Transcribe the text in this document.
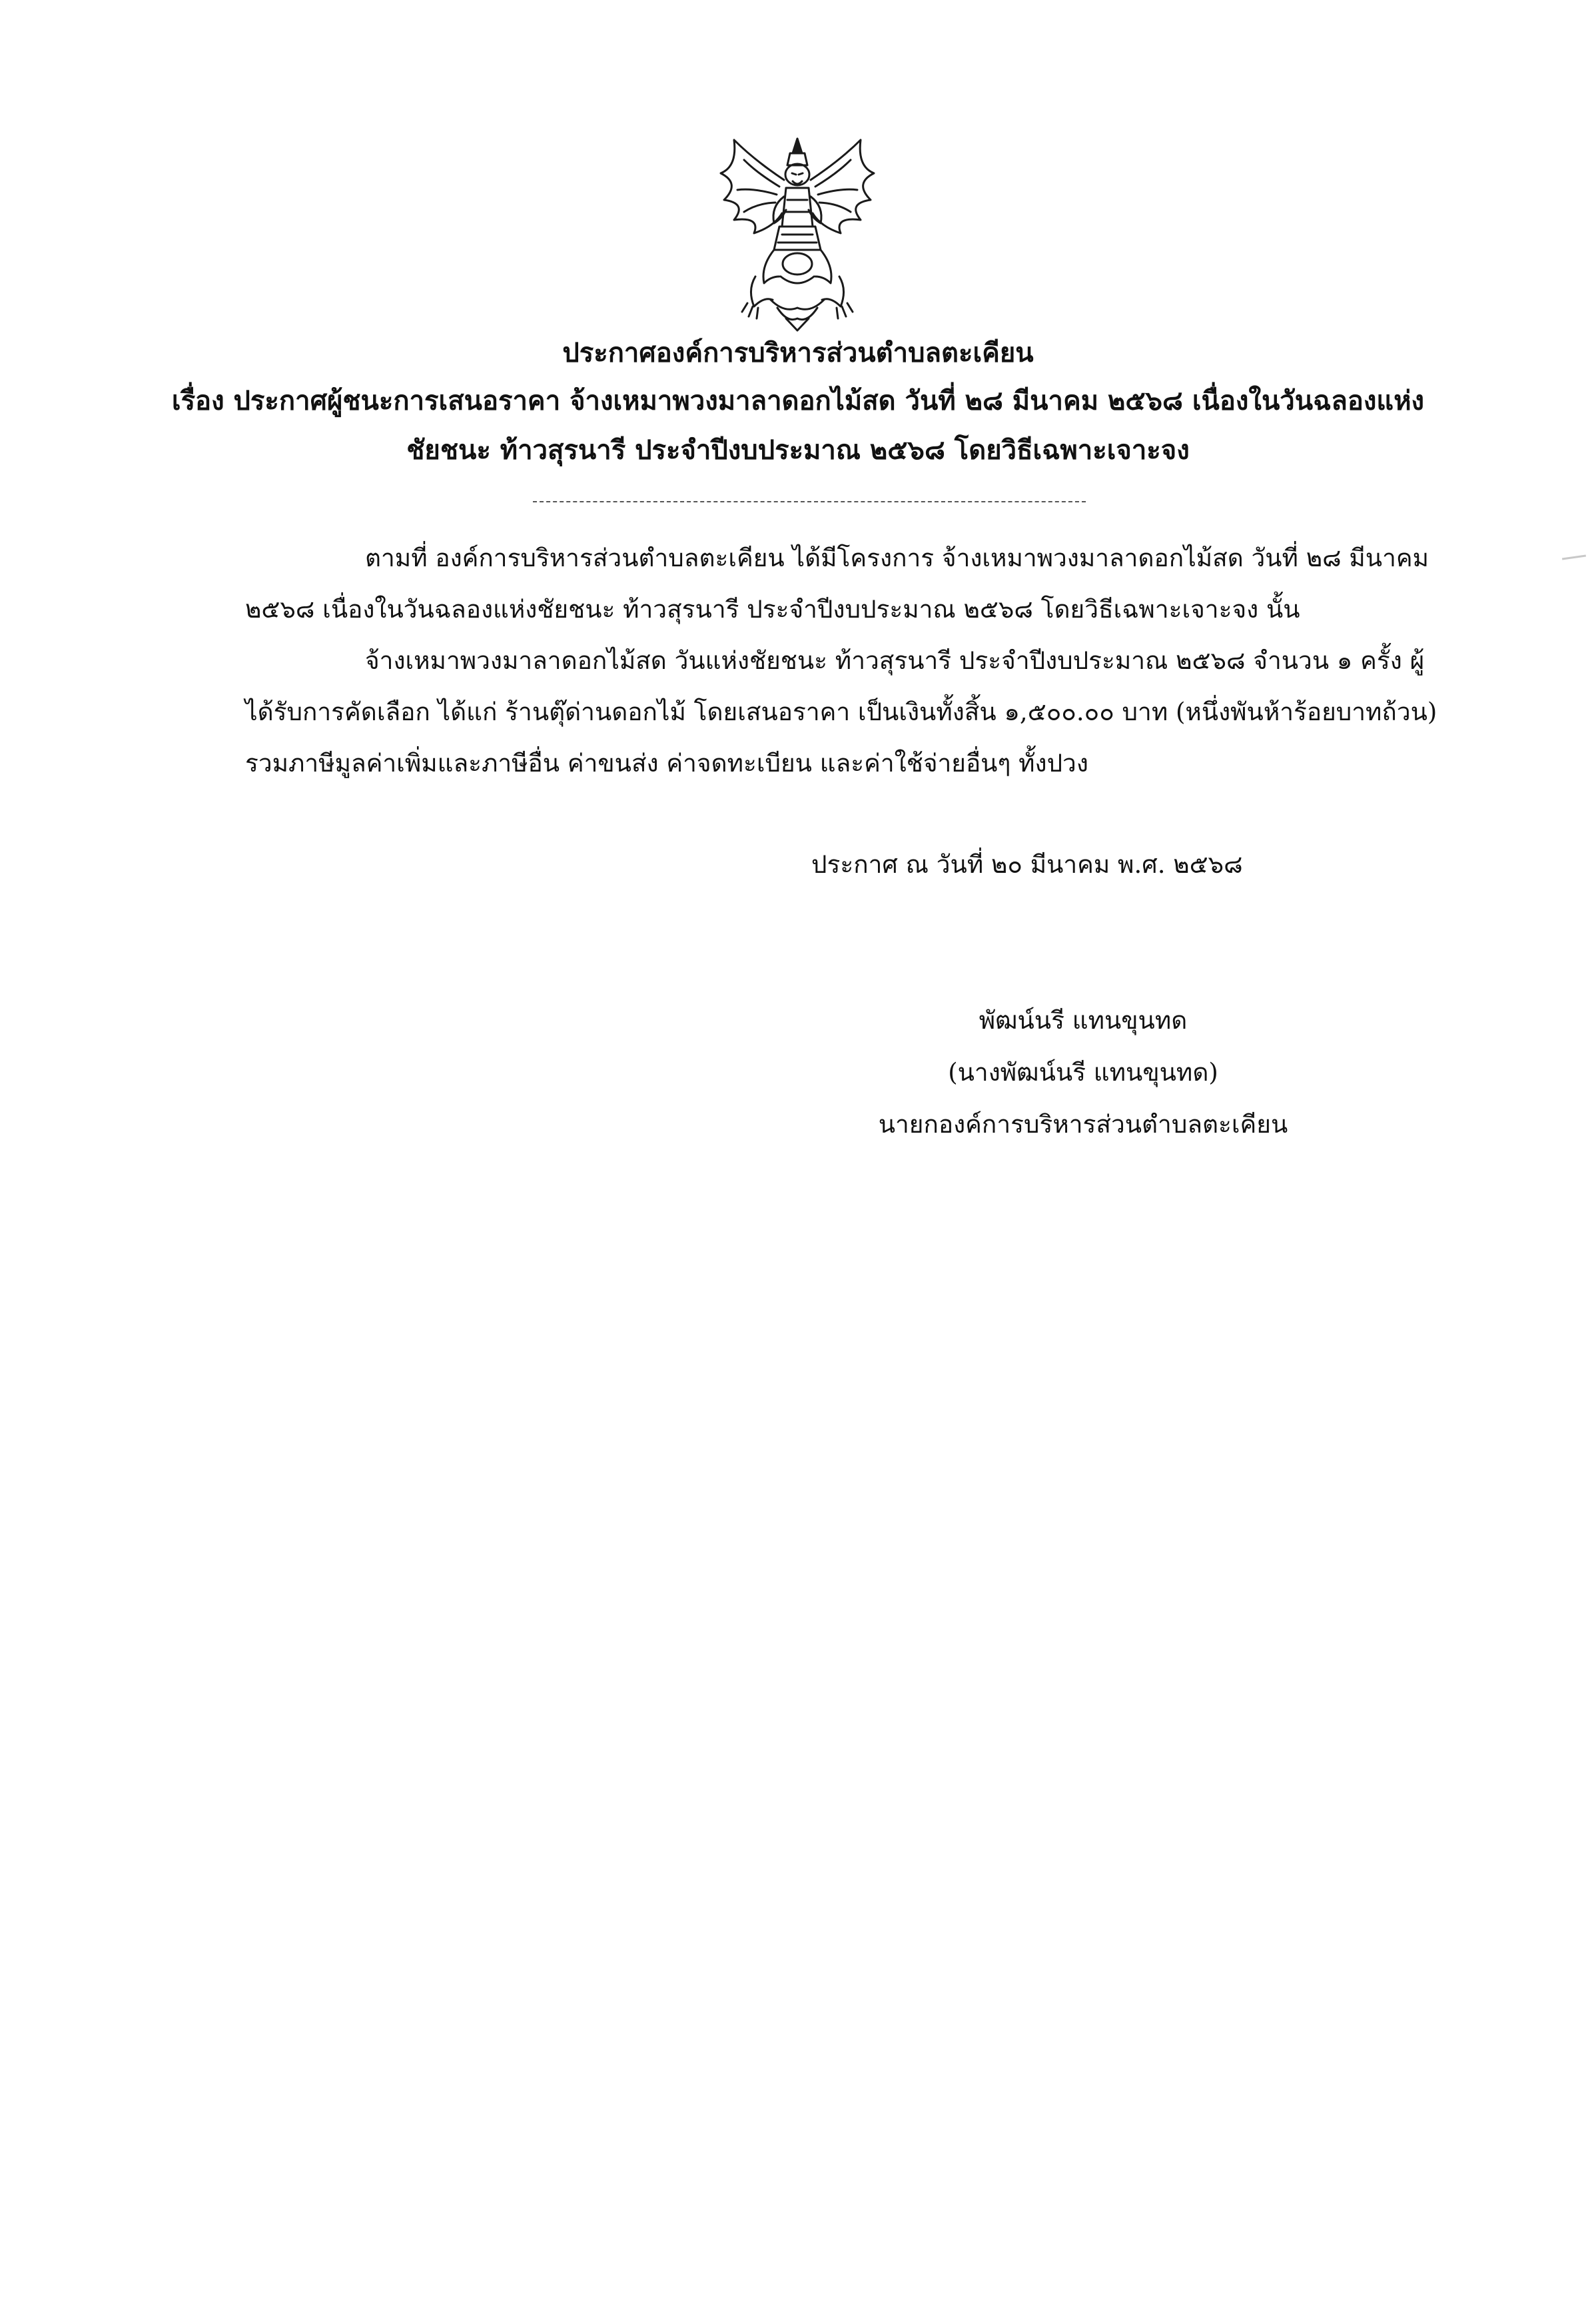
ประกาศองค์การบริหารส่วนตำบลตะเคียน
เรื่อง ประกาศผู้ชนะการเสนอราคา จ้างเหมาพวงมาลาดอกไม้สด วันที่ ๒๘ มีนาคม ๒๕๖๘ เนื่องในวันฉลองแห่ง
ชัยชนะ ท้าวสุรนารี ประจำปีงบประมาณ ๒๕๖๘ โดยวิธีเฉพาะเจาะจง
ตามที่ องค์การบริหารส่วนตำบลตะเคียน ได้มีโครงการ จ้างเหมาพวงมาลาดอกไม้สด วันที่ ๒๘ มีนาคม
๒๕๖๘ เนื่องในวันฉลองแห่งชัยชนะ ท้าวสุรนารี ประจำปีงบประมาณ ๒๕๖๘ โดยวิธีเฉพาะเจาะจง นั้น
จ้างเหมาพวงมาลาดอกไม้สด วันแห่งชัยชนะ ท้าวสุรนารี ประจำปีงบประมาณ ๒๕๖๘ จำนวน ๑ ครั้ง ผู้
ได้รับการคัดเลือก ได้แก่ ร้านตุ๊ด่านดอกไม้ โดยเสนอราคา เป็นเงินทั้งสิ้น ๑,๕๐๐.๐๐ บาท (หนึ่งพันห้าร้อยบาทถ้วน)
รวมภาษีมูลค่าเพิ่มและภาษีอื่น ค่าขนส่ง ค่าจดทะเบียน และค่าใช้จ่ายอื่นๆ ทั้งปวง
ประกาศ ณ วันที่ ๒๐ มีนาคม พ.ศ. ๒๕๖๘
พัฒน์นรี แทนขุนทด
(นางพัฒน์นรี แทนขุนทด)
นายกองค์การบริหารส่วนตำบลตะเคียน
